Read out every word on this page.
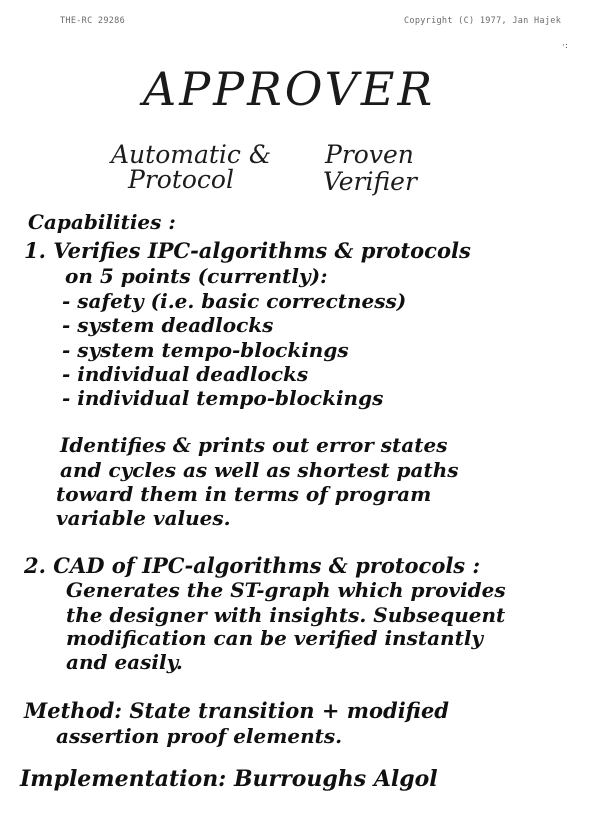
THE-RC 29286	Copyright (C) 1977, Jan Hajek
·:
APPROVER
Automatic &
Protocol
Proven
Verifier
Capabilities :
1. Verifies IPC-algorithms & protocols
on 5 points (currently):
- safety (i.e. basic correctness)
- system deadlocks
- system tempo-blockings
- individual deadlocks
- individual tempo-blockings
Identifies & prints out error states
and cycles as well as shortest paths
toward them in terms of program
variable values.
2. CAD of IPC-algorithms & protocols :
Generates the ST-graph which provides
the designer with insights. Subsequent
modification can be verified instantly
and easily.
Method: State transition + modified
assertion proof elements.
Implementation: Burroughs Algol
